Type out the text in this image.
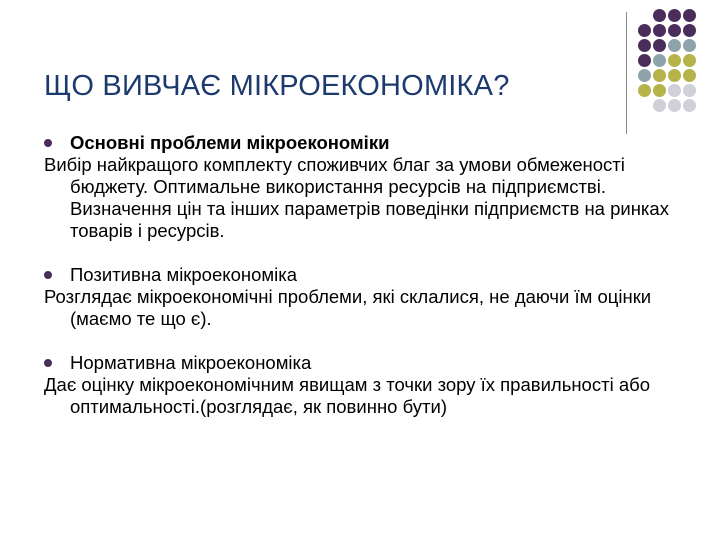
ЩО ВИВЧАЄ МІКРОЕКОНОМІКА?
Основні проблеми мікроекономіки
Вибір найкращого комплекту споживчих благ за умови обмеженості бюджету. Оптимальне використання ресурсів на підприємстві. Визначення цін та інших параметрів поведінки підприємств на ринках товарів і ресурсів.
Позитивна мікроекономіка
Розглядає мікроекономічні проблеми, які склалися, не даючи їм оцінки (маємо те що є).
Нормативна мікроекономіка
Дає оцінку мікроекономічним явищам з точки зору їх правильності або оптимальності.(розглядає, як повинно бути)
